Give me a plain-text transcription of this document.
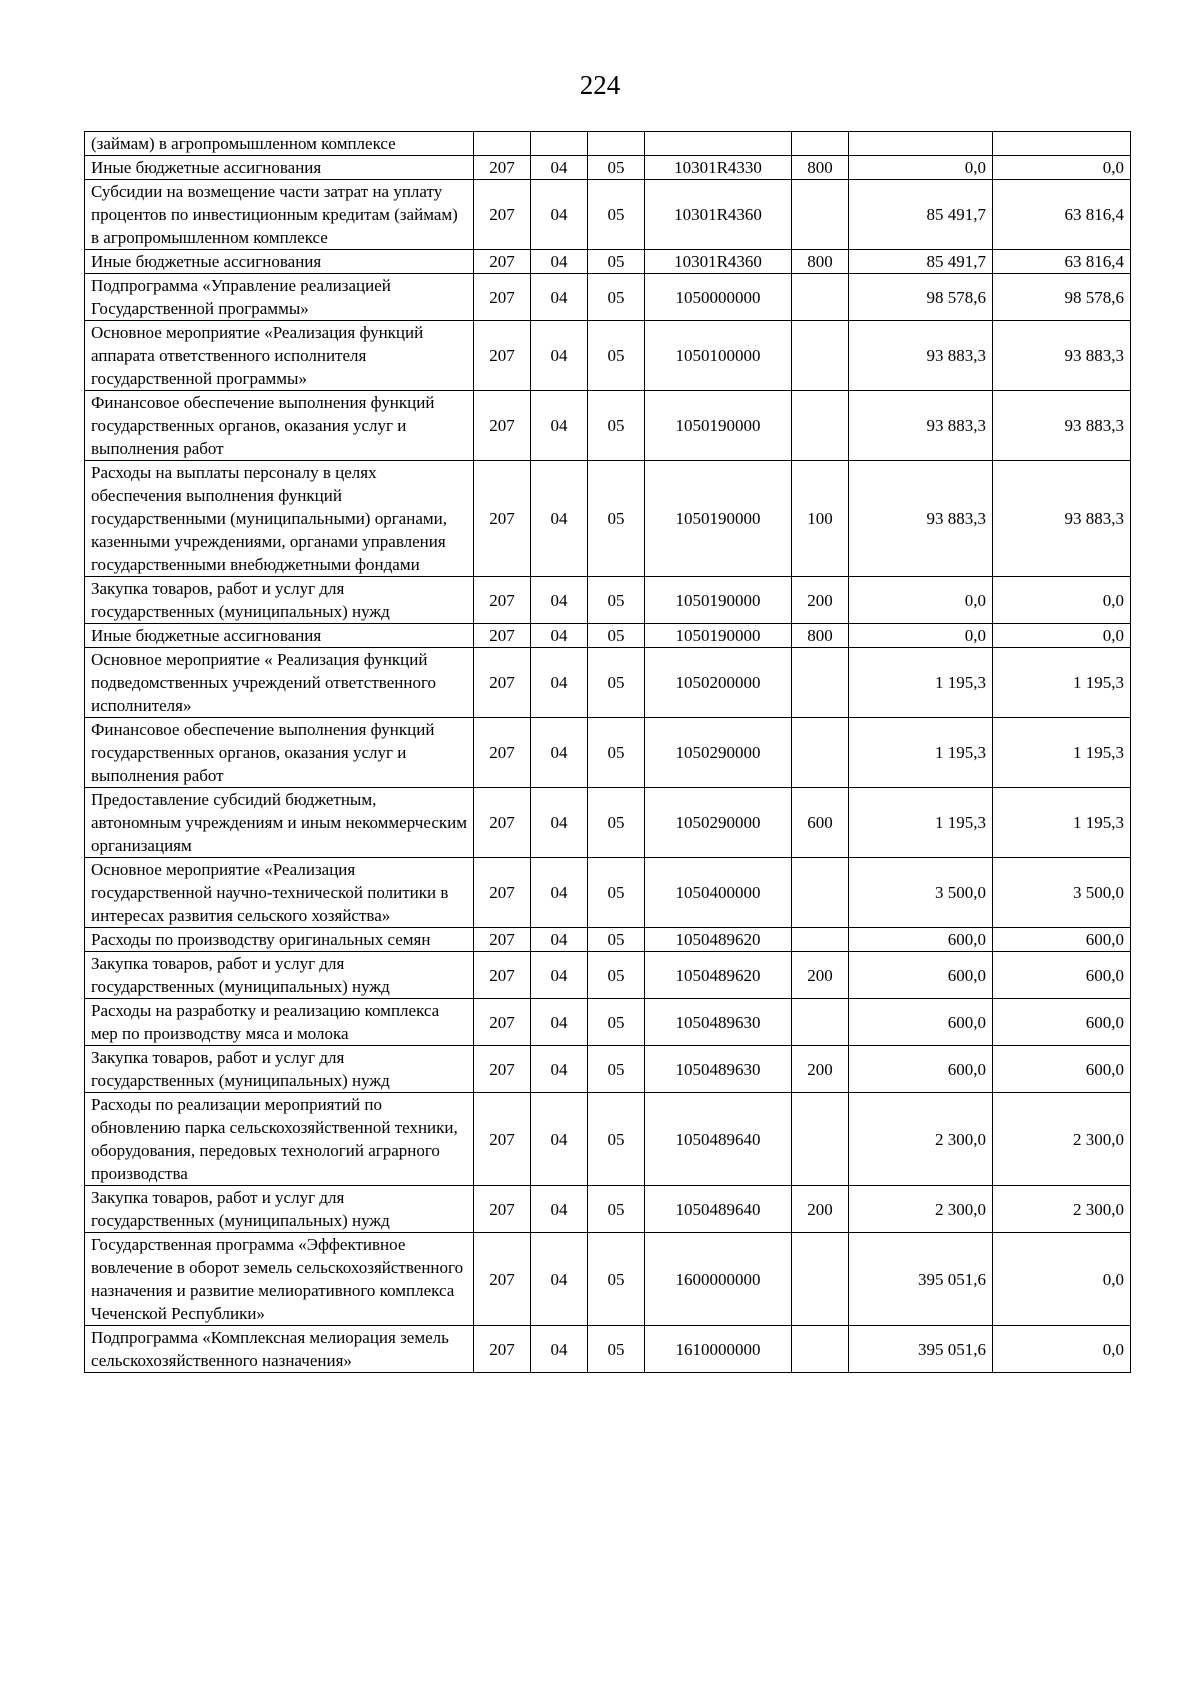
224
(займам) в агропромышленном комплексе							
Иные бюджетные ассигнования	207	04	05	10301R4330	800	0,0	0,0
Субсидии на возмещение части затрат на уплату процентов по инвестиционным кредитам (займам) в агропромышленном комплексе	207	04	05	10301R4360		85 491,7	63 816,4
Иные бюджетные ассигнования	207	04	05	10301R4360	800	85 491,7	63 816,4
Подпрограмма «Управление реализацией Государственной программы»	207	04	05	1050000000		98 578,6	98 578,6
Основное мероприятие «Реализация функций аппарата ответственного исполнителя государственной программы»	207	04	05	1050100000		93 883,3	93 883,3
Финансовое обеспечение выполнения функций государственных органов, оказания услуг и выполнения работ	207	04	05	1050190000		93 883,3	93 883,3
Расходы на выплаты персоналу в целях обеспечения выполнения функций государственными (муниципальными) органами, казенными учреждениями, органами управления государственными внебюджетными фондами	207	04	05	1050190000	100	93 883,3	93 883,3
Закупка товаров, работ и услуг для государственных (муниципальных) нужд	207	04	05	1050190000	200	0,0	0,0
Иные бюджетные ассигнования	207	04	05	1050190000	800	0,0	0,0
Основное мероприятие « Реализация функций подведомственных учреждений ответственного исполнителя»	207	04	05	1050200000		1 195,3	1 195,3
Финансовое обеспечение выполнения функций государственных органов, оказания услуг и выполнения работ	207	04	05	1050290000		1 195,3	1 195,3
Предоставление субсидий бюджетным, автономным учреждениям и иным некоммерческим организациям	207	04	05	1050290000	600	1 195,3	1 195,3
Основное мероприятие «Реализация государственной научно-технической политики в интересах развития сельского хозяйства»	207	04	05	1050400000		3 500,0	3 500,0
Расходы по производству оригинальных семян	207	04	05	1050489620		600,0	600,0
Закупка товаров, работ и услуг для государственных (муниципальных) нужд	207	04	05	1050489620	200	600,0	600,0
Расходы на разработку и реализацию комплекса мер по производству мяса и молока	207	04	05	1050489630		600,0	600,0
Закупка товаров, работ и услуг для государственных (муниципальных) нужд	207	04	05	1050489630	200	600,0	600,0
Расходы по реализации мероприятий по обновлению парка сельскохозяйственной техники, оборудования, передовых технологий аграрного производства	207	04	05	1050489640		2 300,0	2 300,0
Закупка товаров, работ и услуг для государственных (муниципальных) нужд	207	04	05	1050489640	200	2 300,0	2 300,0
Государственная программа «Эффективное вовлечение в оборот земель сельскохозяйственного назначения и развитие мелиоративного комплекса Чеченской Республики»	207	04	05	1600000000		395 051,6	0,0
Подпрограмма «Комплексная мелиорация земель сельскохозяйственного назначения»	207	04	05	1610000000		395 051,6	0,0
